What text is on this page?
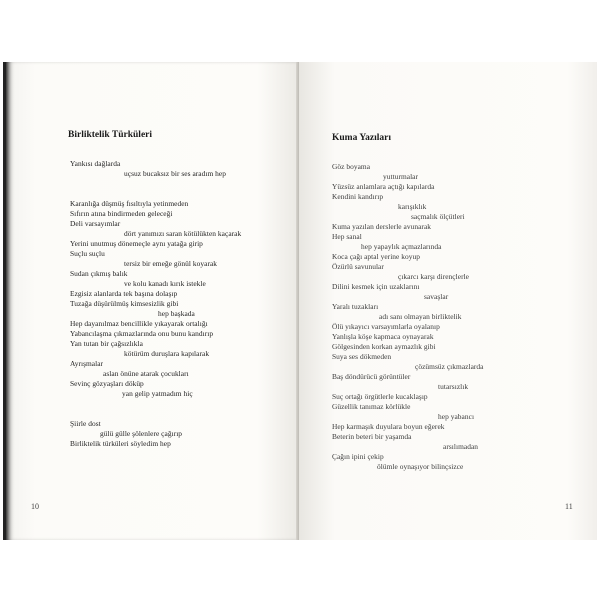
Birliktelik Türküleri
Yankısı dağlarda
uçsuz bucaksız bir ses aradım hep
Karanlığa düşmüş fısıltıyla yetinmeden
Sıfırın atına bindirmeden geleceği
Deli varsayımlar
dört yanımızı saran kötülükten kaçarak
Yerini unutmuş dönemeçle aynı yatağa girip
Suçlu suçlu
tersiz bir emeğe gönül koyarak
Sudan çıkmış balık
ve kolu kanadı kırık istekle
Ezgisiz alanlarda tek başına dolaşıp
Tuzağa düşürülmüş kimsesizlik gibi
hep başkada
Hep dayanılmaz bencillikle yıkayarak ortalığı
Yabancılaşma çıkmazlarında onu bunu kandırıp
Yan tutan bir çağsızlıkla
kötürüm duruşlara kapılarak
Ayrışmalar
aslan önüne atarak çocukları
Sevinç gözyaşları döküp
yan gelip yatmadım hiç
Şiirle dost
gülü gülle şölenlere çağırıp
Birliktelik türküleri söyledim hep
10
Kuma Yazıları
Göz boyama
yutturmalar
Yüzsüz anlamlara açtığı kapılarda
Kendini kandırıp
karışıklık
saçmalık ölçütleri
Kuma yazılan derslerle avunarak
Hep sanal
hep yapaylık açmazlarında
Koca çağı aptal yerine koyup
Özürlü savunular
çıkarcı karşı dirençlerle
Dilini kesmek için uzaklarını
savaşlar
Yaralı tuzakları
adı sanı olmayan birliktelik
Ölü yıkayıcı varsayımlarla oyalanıp
Yanlışla köşe kapmaca oynayarak
Gölgesinden korkan aymazlık gibi
Suya ses dökmeden
çözümsüz çıkmazlarda
Baş döndürücü görüntüler
tutarsızlık
Suç ortağı örgütlerle kucaklaşıp
Güzellik tanımaz körlükle
hep yabancı
Hep karmaşık duyulara boyun eğerek
Beterin beteri bir yaşamda
arsılımadan
Çağın ipini çekip
ölümle oynaşıyor bilinçsizce
11
